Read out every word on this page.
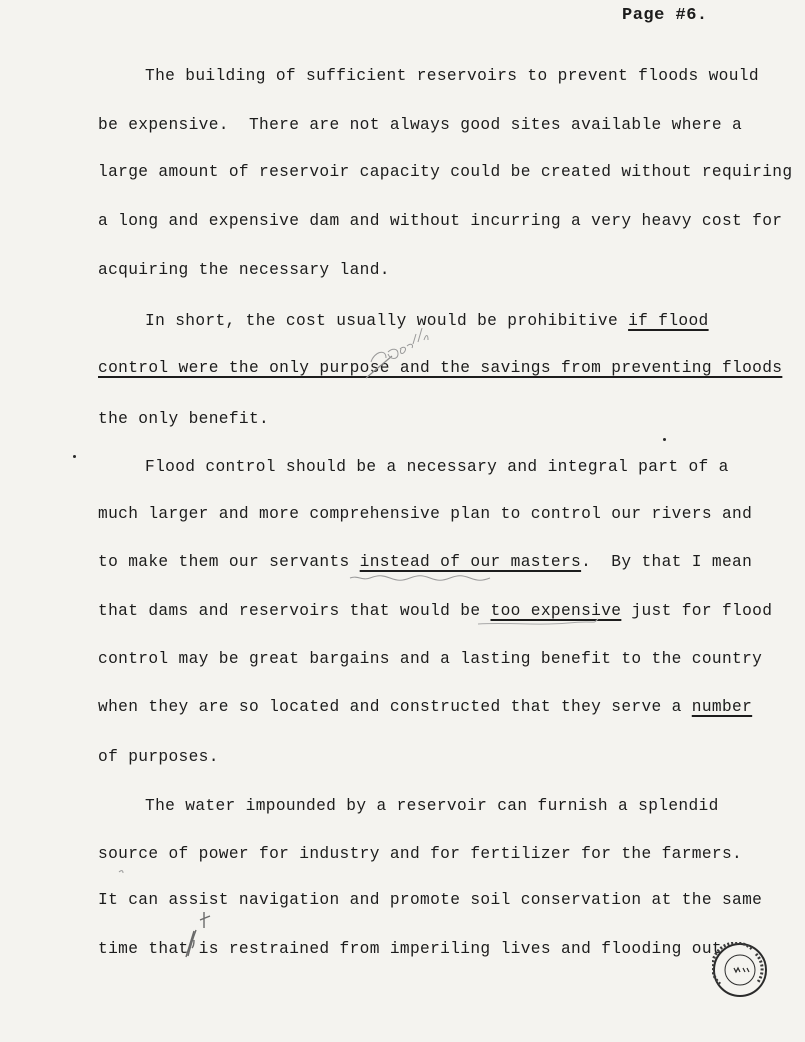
Page #6.
The building of sufficient reservoirs to prevent floods would
be expensive.  There are not always good sites available where a
large amount of reservoir capacity could be created without requiring
a long and expensive dam and without incurring a very heavy cost for
acquiring the necessary land.
In short, the cost usually would be prohibitive if flood
control were the only purpose and the savings from preventing floods
the only benefit.
Flood control should be a necessary and integral part of a
much larger and more comprehensive plan to control our rivers and
to make them our servants instead of our masters.  By that I mean
that dams and reservoirs that would be too expensive just for flood
control may be great bargains and a lasting benefit to the country
when they are so located and constructed that they serve a number
of purposes.
The water impounded by a reservoir can furnish a splendid
source of power for industry and for fertilizer for the farmers.
It can assist navigation and promote soil conservation at the same
time that is restrained from imperiling lives and flooding out
